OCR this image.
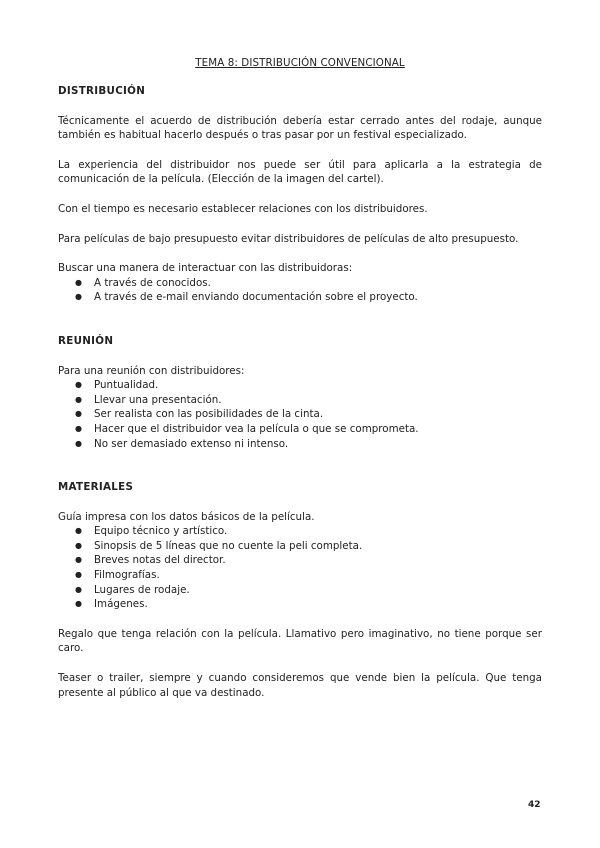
TEMA 8: DISTRIBUCIÓN CONVENCIONAL

DISTRIBUCIÓN

Técnicamente el acuerdo de distribución debería estar cerrado antes del rodaje, aunque también es habitual hacerlo después o tras pasar por un festival especializado.

La experiencia del distribuidor nos puede ser útil para aplicarla a la estrategia de comunicación de la película. (Elección de la imagen del cartel).

Con el tiempo es necesario establecer relaciones con los distribuidores.

Para películas de bajo presupuesto evitar distribuidores de películas de alto presupuesto.

Buscar una manera de interactuar con las distribuidoras:

● A través de conocidos.
● A través de e-mail enviando documentación sobre el proyecto.

REUNIÓN

Para una reunión con distribuidores:

● Puntualidad.
● Llevar una presentación.
● Ser realista con las posibilidades de la cinta.
● Hacer que el distribuidor vea la película o que se comprometa.
● No ser demasiado extenso ni intenso.

MATERIALES

Guía impresa con los datos básicos de la película.

● Equipo técnico y artístico.
● Sinopsis de 5 líneas que no cuente la peli completa.
● Breves notas del director.
● Filmografías.
● Lugares de rodaje.
● Imágenes.

Regalo que tenga relación con la película. Llamativo pero imaginativo, no tiene porque ser caro.

Teaser o trailer, siempre y cuando consideremos que vende bien la película. Que tenga presente al público al que va destinado.

42
